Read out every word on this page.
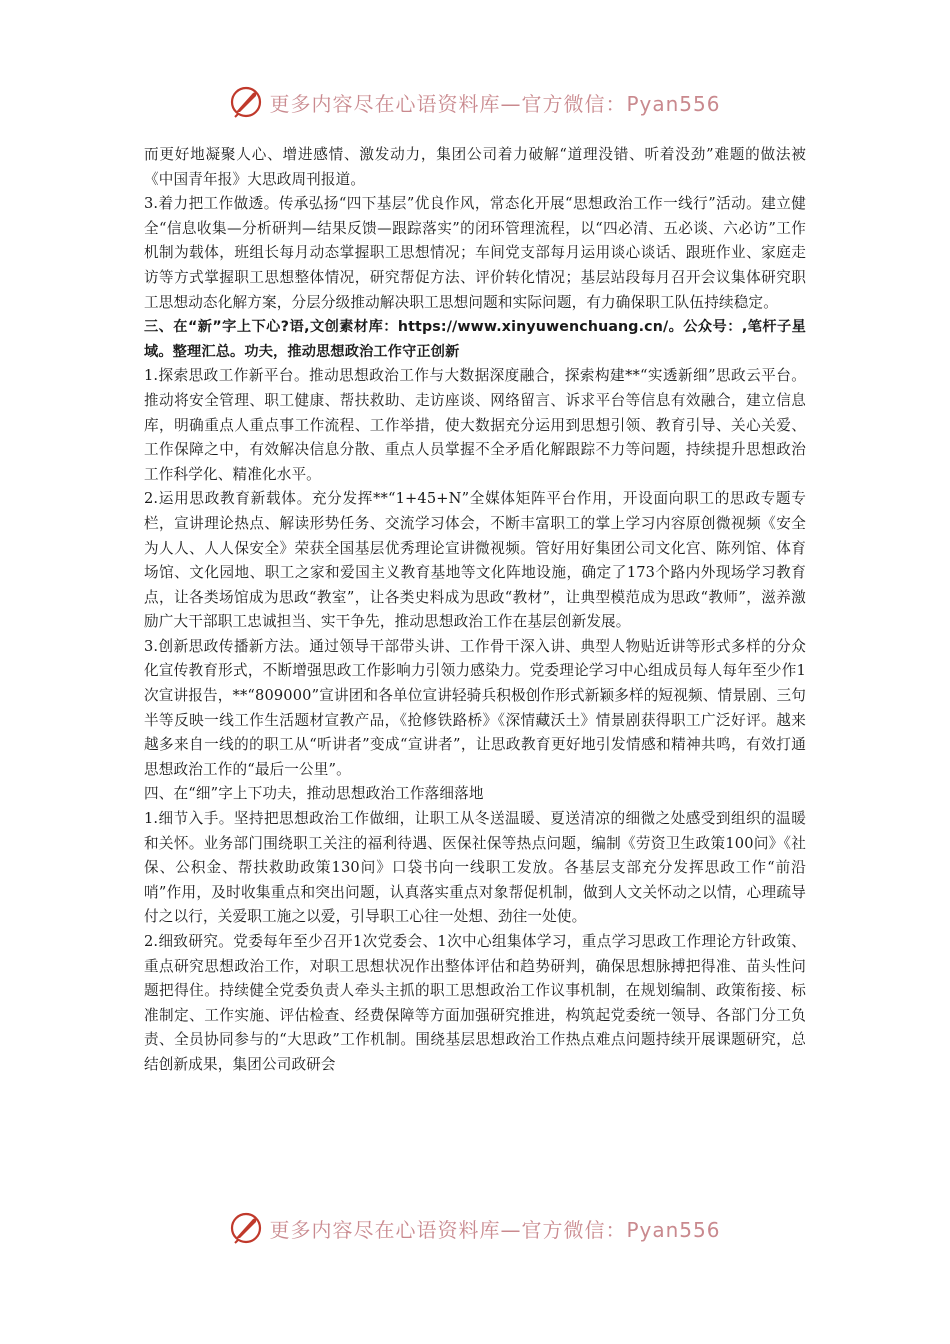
更多内容尽在心语资料库—官方微信：Pyan556

而更好地凝聚人心、增进感情、激发动力，集团公司着力破解“道理没错、听着没劲”难题的做法被《中国青年报》大思政周刊报道。

3.着力把工作做透。传承弘扬“四下基层”优良作风，常态化开展“思想政治工作一线行”活动。建立健全“信息收集—分析研判—结果反馈—跟踪落实”的闭环管理流程，以“四必清、五必谈、六必访”工作机制为载体，班组长每月动态掌握职工思想情况；车间党支部每月运用谈心谈话、跟班作业、家庭走访等方式掌握职工思想整体情况，研究帮促方法、评价转化情况；基层站段每月召开会议集体研究职工思想动态化解方案，分层分级推动解决职工思想问题和实际问题，有力确保职工队伍持续稳定。

三、在“新”字上下心?语,文创素材库：https://www.xinyuwenchuang.cn/。公众号：,笔杆子星域。整理汇总。功夫，推动思想政治工作守正创新

1.探索思政工作新平台。推动思想政治工作与大数据深度融合，探索构建**“实透新细”思政云平台。推动将安全管理、职工健康、帮扶救助、走访座谈、网络留言、诉求平台等信息有效融合，建立信息库，明确重点人重点事工作流程、工作举措，使大数据充分运用到思想引领、教育引导、关心关爱、工作保障之中，有效解决信息分散、重点人员掌握不全矛盾化解跟踪不力等问题，持续提升思想政治工作科学化、精准化水平。

2.运用思政教育新载体。充分发挥**“1+45+N”全媒体矩阵平台作用，开设面向职工的思政专题专栏，宣讲理论热点、解读形势任务、交流学习体会，不断丰富职工的掌上学习内容原创微视频《安全为人人、人人保安全》荣获全国基层优秀理论宣讲微视频。管好用好集团公司文化宫、陈列馆、体育场馆、文化园地、职工之家和爱国主义教育基地等文化阵地设施，确定了173个路内外现场学习教育点，让各类场馆成为思政“教室”，让各类史料成为思政“教材”，让典型模范成为思政“教师”，滋养激励广大干部职工忠诚担当、实干争先，推动思想政治工作在基层创新发展。

3.创新思政传播新方法。通过领导干部带头讲、工作骨干深入讲、典型人物贴近讲等形式多样的分众化宣传教育形式，不断增强思政工作影响力引领力感染力。党委理论学习中心组成员每人每年至少作1次宣讲报告，**“809000”宣讲团和各单位宣讲轻骑兵积极创作形式新颖多样的短视频、情景剧、三句半等反映一线工作生活题材宣教产品，《抢修铁路桥》《深情藏沃土》情景剧获得职工广泛好评。越来越多来自一线的的职工从“听讲者”变成“宣讲者”，让思政教育更好地引发情感和精神共鸣，有效打通思想政治工作的“最后一公里”。

四、在“细”字上下功夫，推动思想政治工作落细落地

1.细节入手。坚持把思想政治工作做细，让职工从冬送温暖、夏送清凉的细微之处感受到组织的温暖和关怀。业务部门围绕职工关注的福利待遇、医保社保等热点问题，编制《劳资卫生政策100问》《社保、公积金、帮扶救助政策130问》口袋书向一线职工发放。各基层支部充分发挥思政工作“前沿哨”作用，及时收集重点和突出问题，认真落实重点对象帮促机制，做到人文关怀动之以情，心理疏导付之以行，关爱职工施之以爱，引导职工心往一处想、劲往一处使。

2.细致研究。党委每年至少召开1次党委会、1次中心组集体学习，重点学习思政工作理论方针政策、重点研究思想政治工作，对职工思想状况作出整体评估和趋势研判，确保思想脉搏把得准、苗头性问题把得住。持续健全党委负责人牵头主抓的职工思想政治工作议事机制，在规划编制、政策衔接、标准制定、工作实施、评估检查、经费保障等方面加强研究推进，构筑起党委统一领导、各部门分工负责、全员协同参与的“大思政”工作机制。围绕基层思想政治工作热点难点问题持续开展课题研究，总结创新成果，集团公司政研会

更多内容尽在心语资料库—官方微信：Pyan556
